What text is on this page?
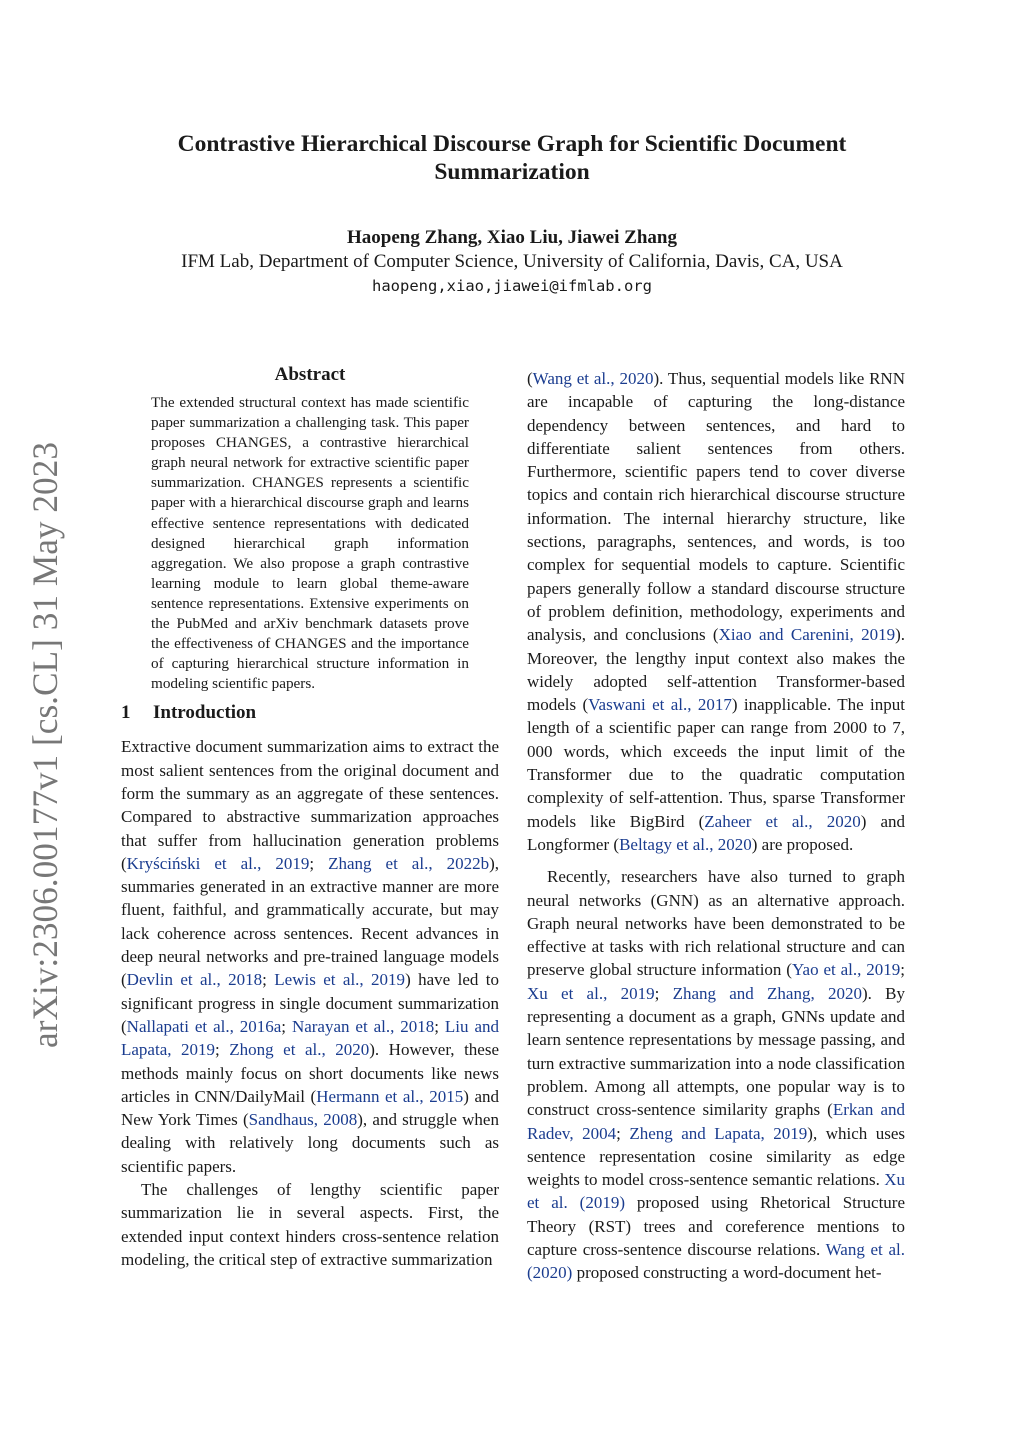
arXiv:2306.00177v1 [cs.CL] 31 May 2023
Contrastive Hierarchical Discourse Graph for Scientific Document Summarization
Haopeng Zhang, Xiao Liu, Jiawei Zhang
IFM Lab, Department of Computer Science, University of California, Davis, CA, USA
haopeng,xiao,jiawei@ifmlab.org
Abstract

The extended structural context has made scientific paper summarization a challenging task. This paper proposes CHANGES, a contrastive hierarchical graph neural network for extractive scientific paper summarization. CHANGES represents a scientific paper with a hierarchical discourse graph and learns effective sentence representations with dedicated designed hierarchical graph information aggregation. We also propose a graph contrastive learning module to learn global theme-aware sentence representations. Extensive experiments on the PubMed and arXiv benchmark datasets prove the effectiveness of CHANGES and the importance of capturing hierarchical structure information in modeling scientific papers.

1 Introduction

Extractive document summarization aims to extract the most salient sentences from the original document and form the summary as an aggregate of these sentences. Compared to abstractive summarization approaches that suffer from hallucination generation problems (Kryściński et al., 2019; Zhang et al., 2022b), summaries generated in an extractive manner are more fluent, faithful, and grammatically accurate, but may lack coherence across sentences. Recent advances in deep neural networks and pre-trained language models (Devlin et al., 2018; Lewis et al., 2019) have led to significant progress in single document summarization (Nallapati et al., 2016a; Narayan et al., 2018; Liu and Lapata, 2019; Zhong et al., 2020). However, these methods mainly focus on short documents like news articles in CNN/DailyMail (Hermann et al., 2015) and New York Times (Sandhaus, 2008), and struggle when dealing with relatively long documents such as scientific papers.

The challenges of lengthy scientific paper summarization lie in several aspects. First, the extended input context hinders cross-sentence relation modeling, the critical step of extractive summarization

(Wang et al., 2020). Thus, sequential models like RNN are incapable of capturing the long-distance dependency between sentences, and hard to differentiate salient sentences from others. Furthermore, scientific papers tend to cover diverse topics and contain rich hierarchical discourse structure information. The internal hierarchy structure, like sections, paragraphs, sentences, and words, is too complex for sequential models to capture. Scientific papers generally follow a standard discourse structure of problem definition, methodology, experiments and analysis, and conclusions (Xiao and Carenini, 2019). Moreover, the lengthy input context also makes the widely adopted self-attention Transformer-based models (Vaswani et al., 2017) inapplicable. The input length of a scientific paper can range from 2000 to 7, 000 words, which exceeds the input limit of the Transformer due to the quadratic computation complexity of self-attention. Thus, sparse Transformer models like BigBird (Zaheer et al., 2020) and Longformer (Beltagy et al., 2020) are proposed.

Recently, researchers have also turned to graph neural networks (GNN) as an alternative approach. Graph neural networks have been demonstrated to be effective at tasks with rich relational structure and can preserve global structure information (Yao et al., 2019; Xu et al., 2019; Zhang and Zhang, 2020). By representing a document as a graph, GNNs update and learn sentence representations by message passing, and turn extractive summarization into a node classification problem. Among all attempts, one popular way is to construct cross-sentence similarity graphs (Erkan and Radev, 2004; Zheng and Lapata, 2019), which uses sentence representation cosine similarity as edge weights to model cross-sentence semantic relations. Xu et al. (2019) proposed using Rhetorical Structure Theory (RST) trees and coreference mentions to capture cross-sentence discourse relations. Wang et al. (2020) proposed constructing a word-document het-
